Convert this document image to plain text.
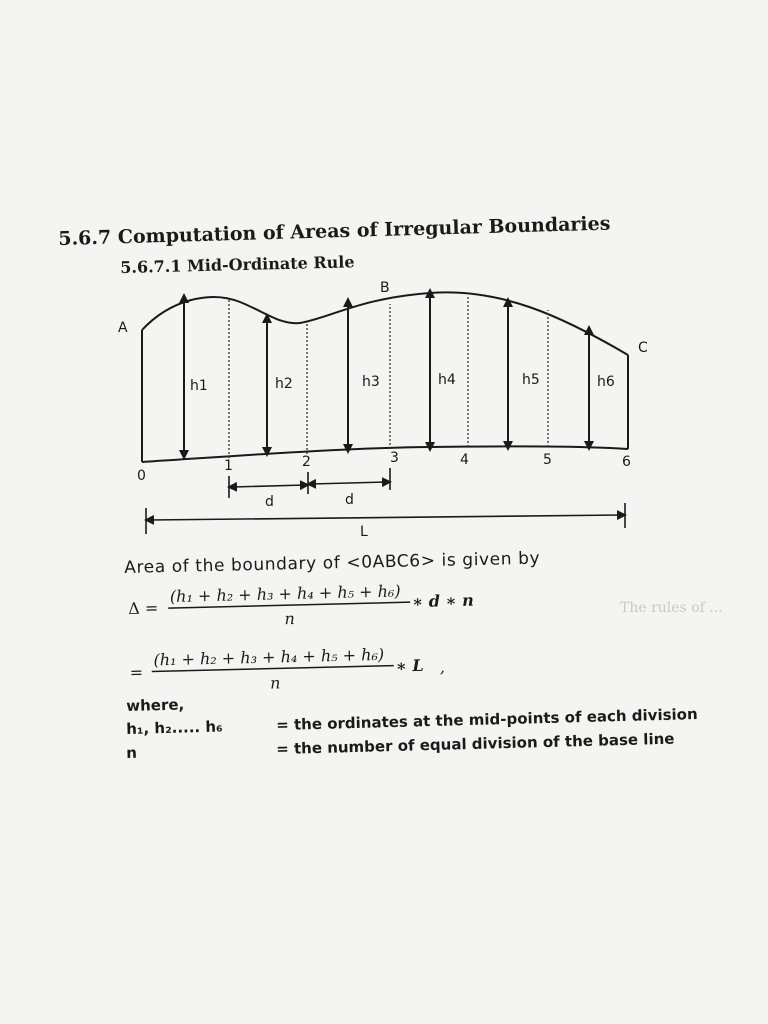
The rules of ...
5.6.7 Computation of Areas of Irregular Boundaries
5.6.7.1 Mid-Ordinate Rule
A
B
C
h1	h2	h3	h4	h5	h6
0
1	2	3	4	5	6
d	d
L
Δ =
(h₁ + h₂ + h₃ + h₄ + h₅ + h₆) ∗ d ∗ n
n
=
(h₁ + h₂ + h₃ + h₄ + h₅ + h₆) ∗ L
n
,
Area of the boundary of <0ABC6> is given by
where,
h₁, h₂..... h₆	= the ordinates at the mid-points of each division
n	= the number of equal division of the base line
